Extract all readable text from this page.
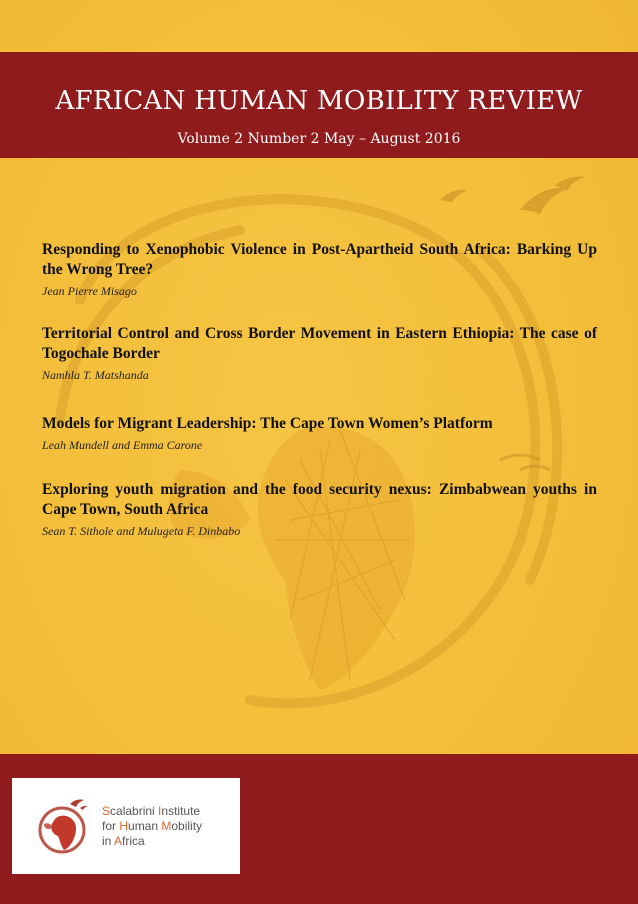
AFRICAN HUMAN MOBILITY REVIEW
Volume 2 Number 2 May – August 2016
Responding to Xenophobic Violence in Post-Apartheid South Africa: Barking Up the Wrong Tree?
Jean Pierre Misago
Territorial Control and Cross Border Movement in Eastern Ethiopia: The case of Togochale Border
Namhla T. Matshanda
Models for Migrant Leadership: The Cape Town Women’s Platform
Leah Mundell and Emma Carone
Exploring youth migration and the food security nexus: Zimbabwean youths in Cape Town, South Africa
Sean T. Sithole and Mulugeta F. Dinbabo
Scalabrini Institute
for Human Mobility
in Africa
